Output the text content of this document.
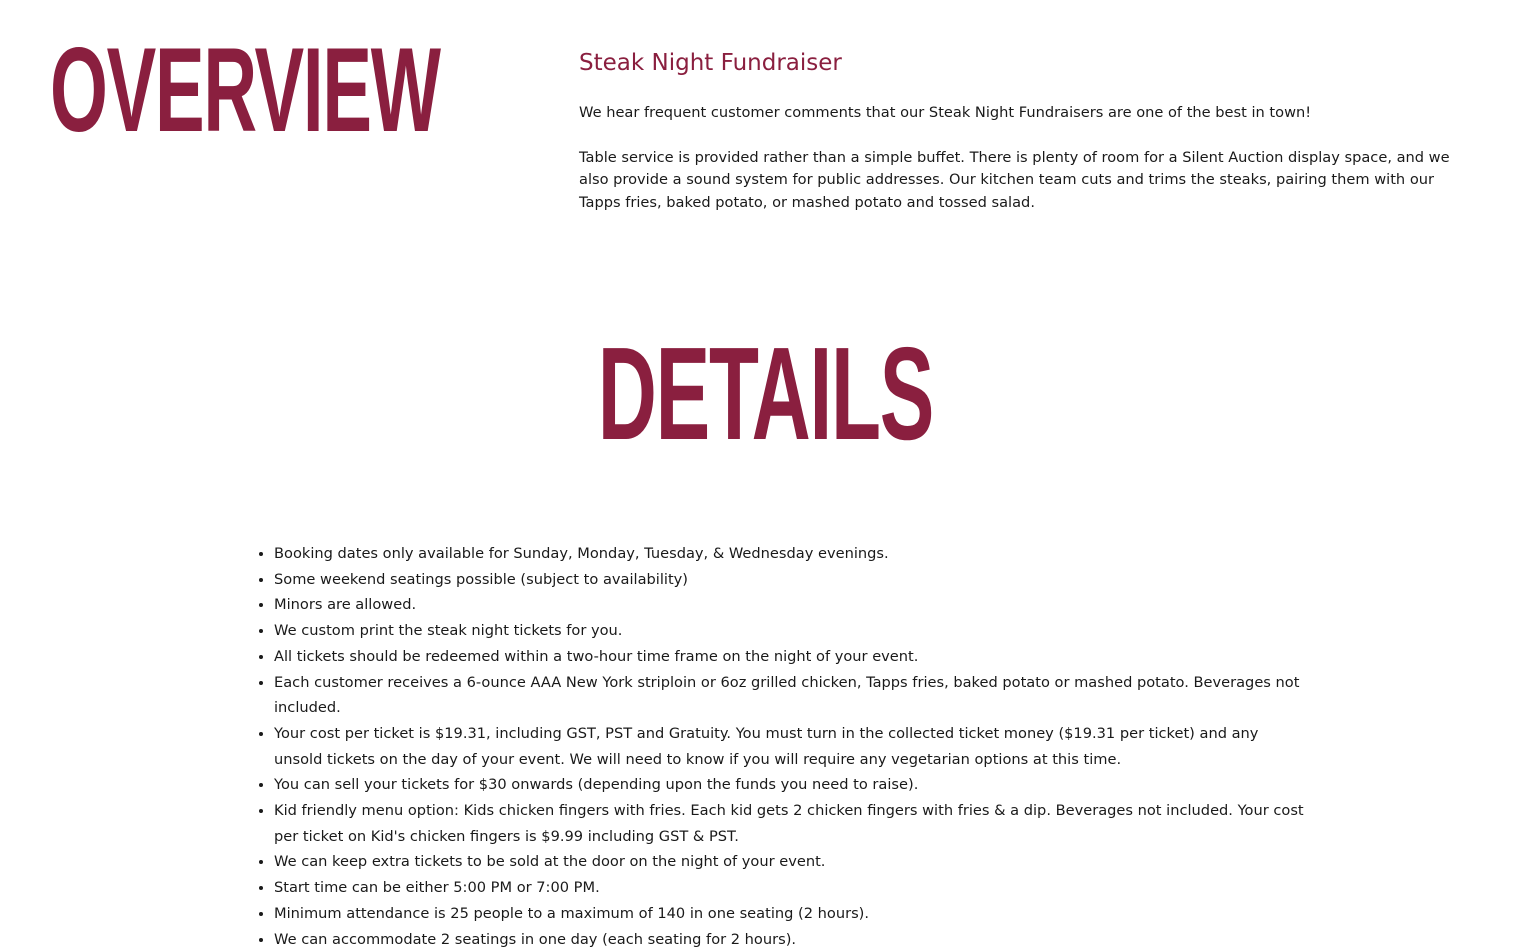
OVERVIEW	Steak Night Fundraiser

We hear frequent customer comments that our Steak Night Fundraisers are one of the best in town!

Table service is provided rather than a simple buffet. There is plenty of room for a Silent Auction display space, and we also provide a sound system for public addresses. Our kitchen team cuts and trims the steaks, pairing them with our Tapps fries, baked potato, or mashed potato and tossed salad.

DETAILS
• Booking dates only available for Sunday, Monday, Tuesday, & Wednesday evenings.
• Some weekend seatings possible (subject to availability)
• Minors are allowed.
• We custom print the steak night tickets for you.
• All tickets should be redeemed within a two-hour time frame on the night of your event.
• Each customer receives a 6-ounce AAA New York striploin or 6oz grilled chicken, Tapps fries, baked potato or mashed potato. Beverages not included.
• Your cost per ticket is $19.31, including GST, PST and Gratuity. You must turn in the collected ticket money ($19.31 per ticket) and any unsold tickets on the day of your event. We will need to know if you will require any vegetarian options at this time.
• You can sell your tickets for $30 onwards (depending upon the funds you need to raise).
• Kid friendly menu option: Kids chicken fingers with fries. Each kid gets 2 chicken fingers with fries & a dip. Beverages not included. Your cost per ticket on Kid's chicken fingers is $9.99 including GST & PST.
• We can keep extra tickets to be sold at the door on the night of your event.
• Start time can be either 5:00 PM or 7:00 PM.
• Minimum attendance is 25 people to a maximum of 140 in one seating (2 hours).
• We can accommodate 2 seatings in one day (each seating for 2 hours).
